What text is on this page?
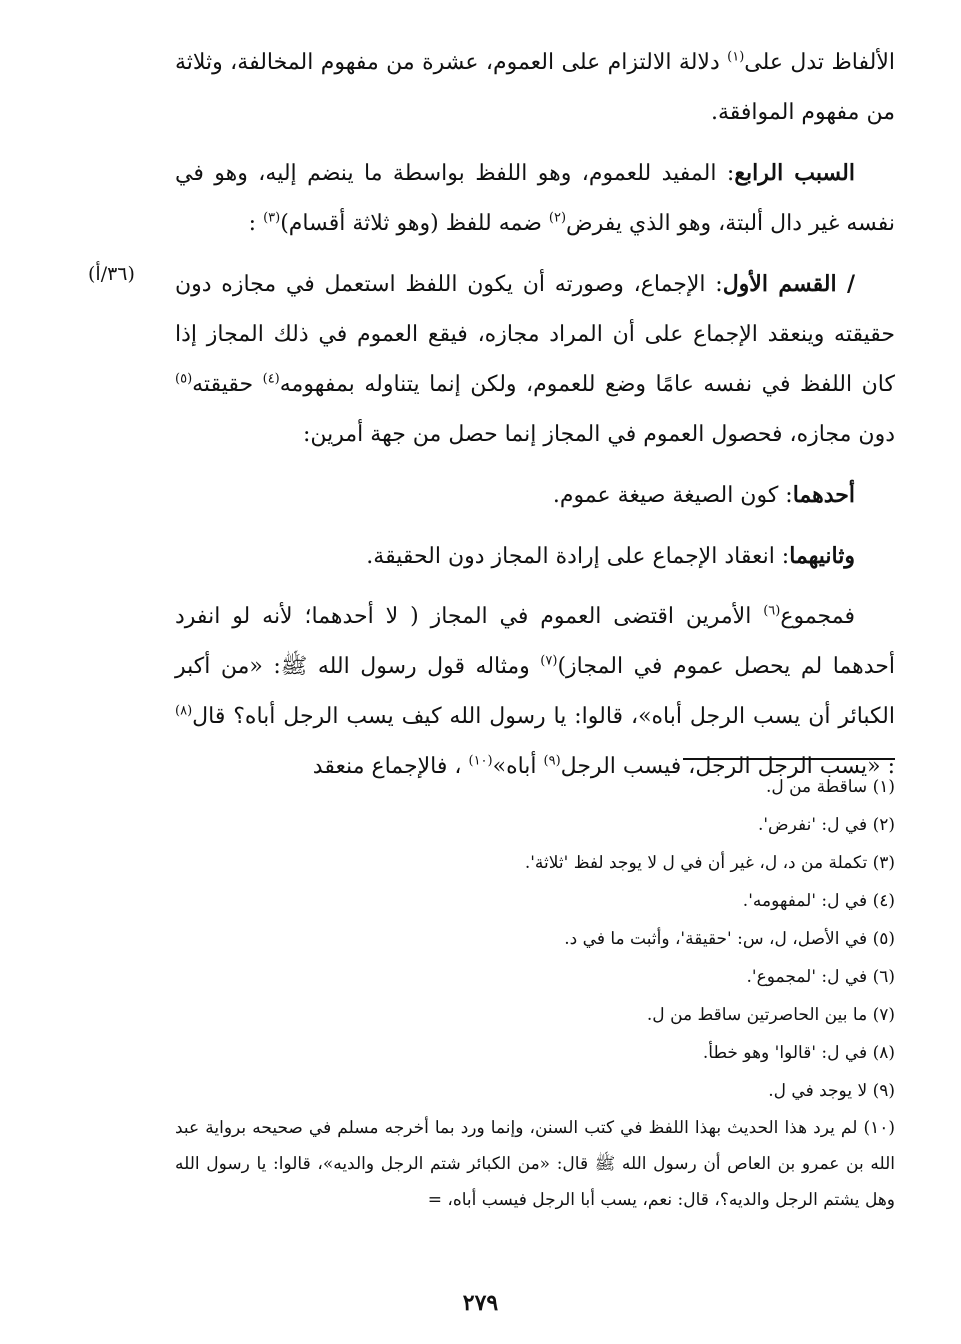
(٣٦/أ)

الألفاظ تدل على$^{(١)}$ دلالة الالتزام على العموم، عشرة من مفهوم المخالفة، وثلاثة من مفهوم الموافقة.

السبب الرابع: المفيد للعموم، وهو اللفظ بواسطة ما ينضم إليه، وهو في نفسه غير دال ألبتة، وهو الذي يفرض$^{(٢)}$ ضمه للفظ (وهو ثلاثة أقسام)$^{(٣)}$ :

/ القسم الأول: الإجماع، وصورته أن يكون اللفظ استعمل في مجازه دون حقيقته وينعقد الإجماع على أن المراد مجازه، فيقع العموم في ذلك المجاز إذا كان اللفظ في نفسه عامًا وضع للعموم، ولكن إنما يتناوله بمفهومه$^{(٤)}$ حقيقته$^{(٥)}$ دون مجازه، فحصول العموم في المجاز إنما حصل من جهة أمرين:

أحدهما: كون الصيغة صيغة عموم.

وثانيهما: انعقاد الإجماع على إرادة المجاز دون الحقيقة.

فمجموع$^{(٦)}$ الأمرين اقتضى العموم في المجاز ( لا أحدهما؛ لأنه لو انفرد أحدهما لم يحصل عموم في المجاز)$^{(٧)}$ ومثاله قول رسول الله ﷺ: «من أكبر الكبائر أن يسب الرجل أباه»، قالوا: يا رسول الله كيف يسب الرجل أباه؟ قال$^{(٨)}$ : «يسب الرجل الرجل، فيسب الرجل$^{(٩)}$ أباه»$^{(١٠)}$ ، فالإجماع منعقد

(١) ساقطة من ل.

(٢) في ل: 'نفرض'.

(٣) تكملة من د، ل، غير أن في ل لا يوجد لفظ 'ثلاثة'.

(٤) في ل: 'لمفهومه'.

(٥) في الأصل، ل، س: 'حقيقة'، وأثبت ما في د.

(٦) في ل: 'لمجموع'.

(٧) ما بين الحاصرتين ساقط من ل.

(٨) في ل: 'قالوا' وهو خطأ.

(٩) لا يوجد في ل.

(١٠) لم يرد هذا الحديث بهذا اللفظ في كتب السنن، وإنما ورد بما أخرجه مسلم في صحيحه برواية عبد الله بن عمرو بن العاص أن رسول الله ﷺ قال: «من الكبائر شتم الرجل والديه»، قالوا: يا رسول الله وهل يشتم الرجل والديه؟، قال: نعم، يسب أبا الرجل فيسب أباه، =

٢٧٩
